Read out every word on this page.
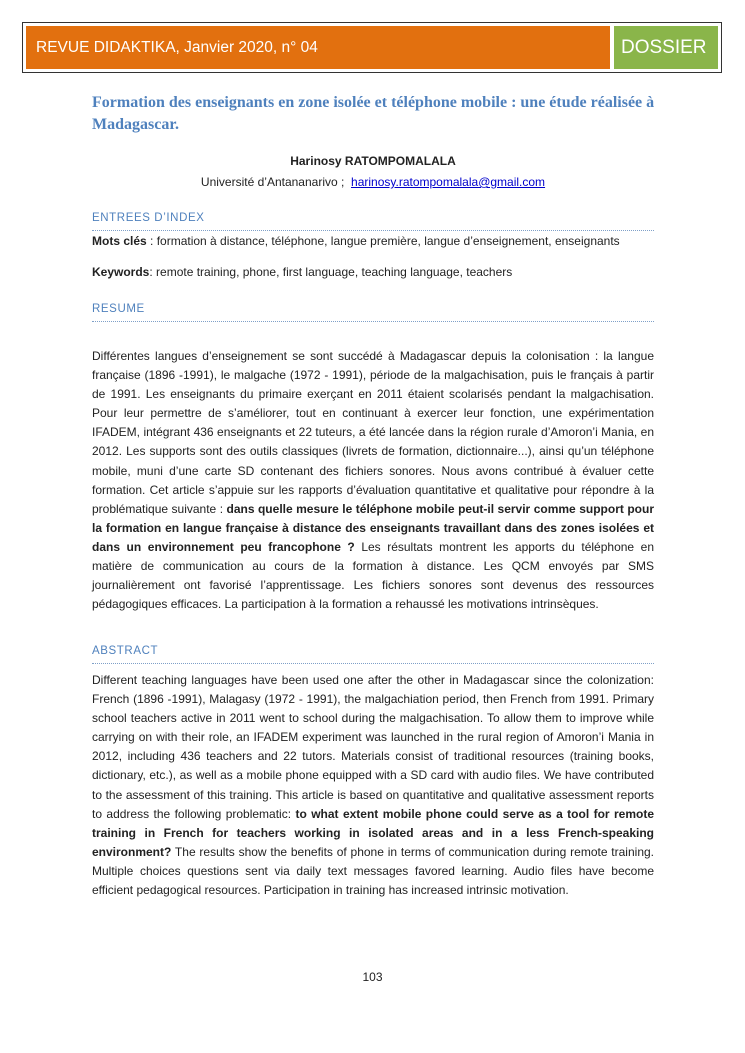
REVUE DIDAKTIKA, Janvier 2020, n° 04	DOSSIER
Formation des enseignants en zone isolée et téléphone mobile : une étude réalisée à Madagascar.
Harinosy RATOMPOMALALA
Université d’Antananarivo ; harinosy.ratompomalala@gmail.com
ENTREES D’INDEX
Mots clés : formation à distance, téléphone, langue première, langue d’enseignement, enseignants
Keywords: remote training, phone, first language, teaching language, teachers
RESUME

Différentes langues d’enseignement se sont succédé à Madagascar depuis la colonisation : la langue française (1896 -1991), le malgache (1972 - 1991), période de la malgachisation, puis le français à partir de 1991. Les enseignants du primaire exerçant en 2011 étaient scolarisés pendant la malgachisation. Pour leur permettre de s’améliorer, tout en continuant à exercer leur fonction, une expérimentation IFADEM, intégrant 436 enseignants et 22 tuteurs, a été lancée dans la région rurale d’Amoron’i Mania, en 2012. Les supports sont des outils classiques (livrets de formation, dictionnaire...), ainsi qu’un téléphone mobile, muni d’une carte SD contenant des fichiers sonores. Nous avons contribué à évaluer cette formation. Cet article s’appuie sur les rapports d’évaluation quantitative et qualitative pour répondre à la problématique suivante : dans quelle mesure le téléphone mobile peut-il servir comme support pour la formation en langue française à distance des enseignants travaillant dans des zones isolées et dans un environnement peu francophone ? Les résultats montrent les apports du téléphone en matière de communication au cours de la formation à distance. Les QCM envoyés par SMS journalièrement ont favorisé l’apprentissage. Les fichiers sonores sont devenus des ressources pédagogiques efficaces. La participation à la formation a rehaussé les motivations intrinsèques.

ABSTRACT

Different teaching languages have been used one after the other in Madagascar since the colonization: French (1896 -1991), Malagasy (1972 - 1991), the malgachiation period, then French from 1991. Primary school teachers active in 2011 went to school during the malgachisation. To allow them to improve while carrying on with their role, an IFADEM experiment was launched in the rural region of Amoron’i Mania in 2012, including 436 teachers and 22 tutors. Materials consist of traditional resources (training books, dictionary, etc.), as well as a mobile phone equipped with a SD card with audio files. We have contributed to the assessment of this training. This article is based on quantitative and qualitative assessment reports to address the following problematic: to what extent mobile phone could serve as a tool for remote training in French for teachers working in isolated areas and in a less French-speaking environment? The results show the benefits of phone in terms of communication during remote training. Multiple choices questions sent via daily text messages favored learning. Audio files have become efficient pedagogical resources. Participation in training has increased intrinsic motivation.

103
